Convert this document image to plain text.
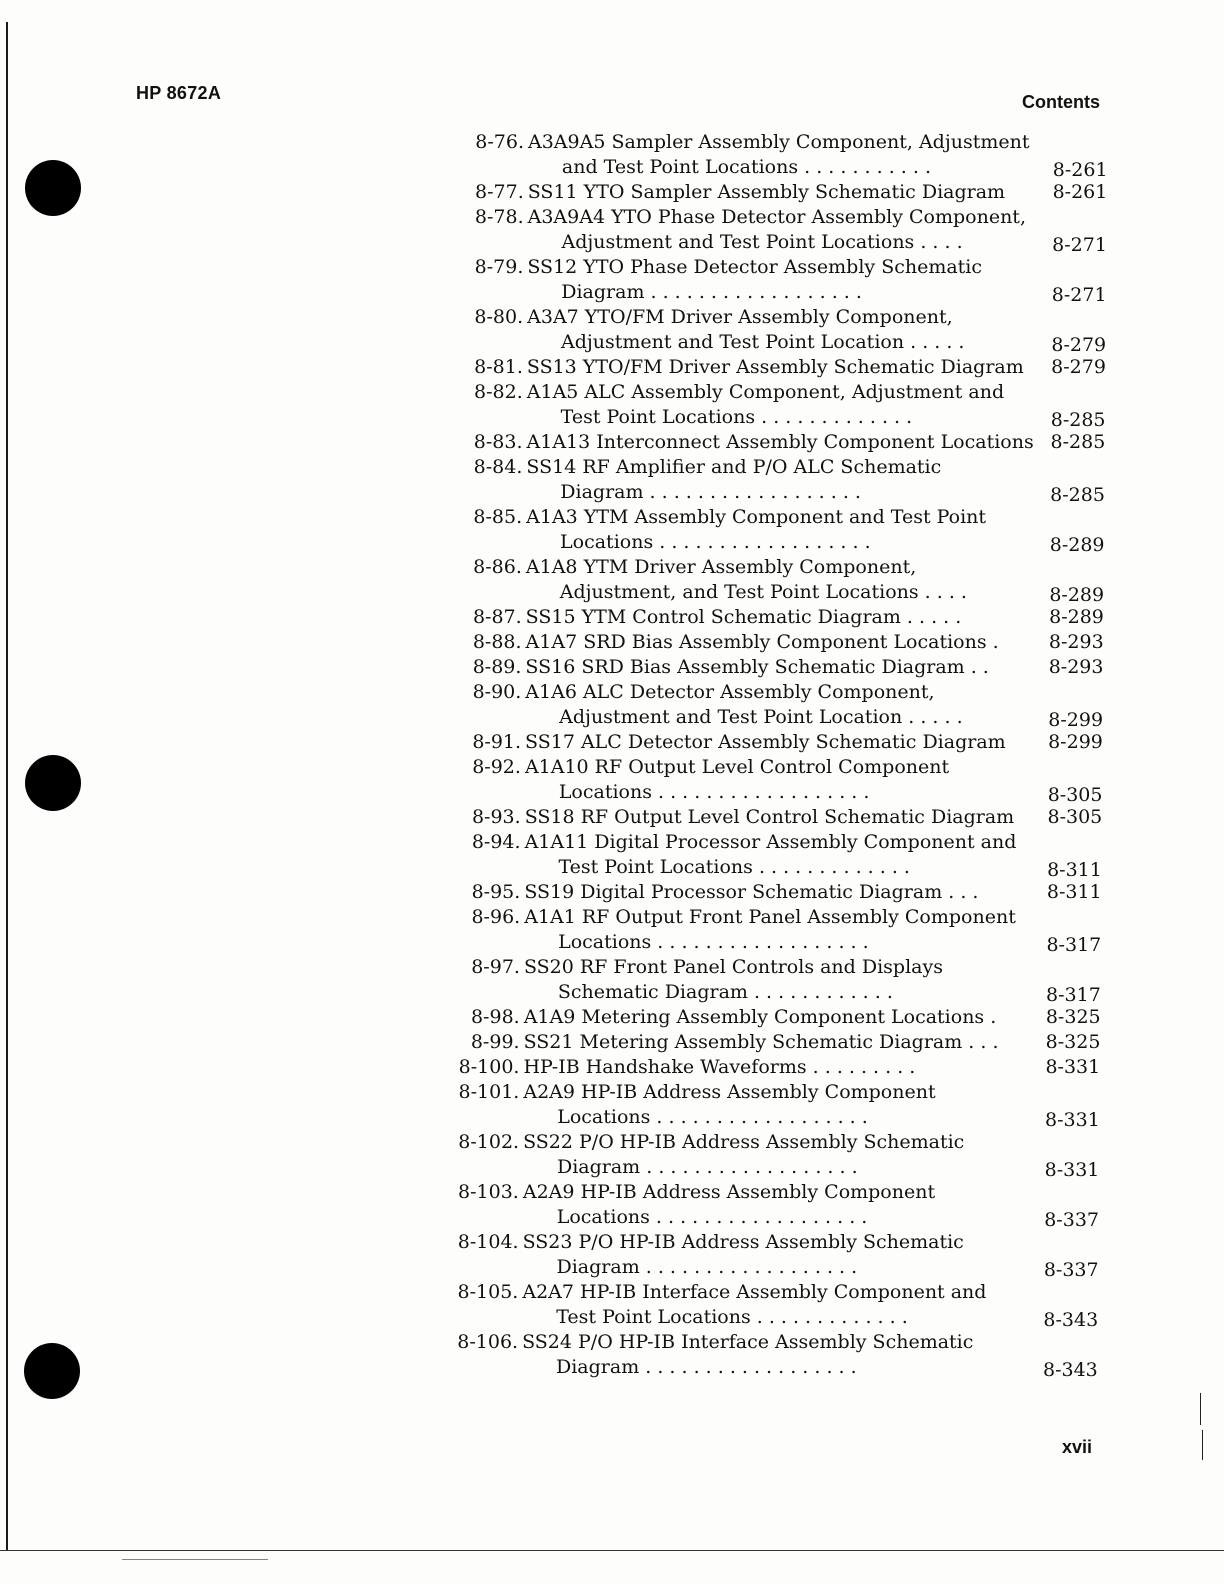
HP 8672A	Contents
8-76. A3A9A5 Sampler Assembly Component, Adjustment
and Test Point Locations . . . . . . . . . . .	8-261
8-77. SS11 YTO Sampler Assembly Schematic Diagram	8-261
8-78. A3A9A4 YTO Phase Detector Assembly Component,
Adjustment and Test Point Locations . . . .	8-271
8-79. SS12 YTO Phase Detector Assembly Schematic
Diagram . . . . . . . . . . . . . . . . . .	8-271
8-80. A3A7 YTO/FM Driver Assembly Component,
Adjustment and Test Point Location . . . . .	8-279
8-81. SS13 YTO/FM Driver Assembly Schematic Diagram 8-279
8-82. A1A5 ALC Assembly Component, Adjustment and
Test Point Locations . . . . . . . . . . . . .	8-285
8-83. A1A13 Interconnect Assembly Component Locations 8-285
8-84. SS14 RF Amplifier and P/O ALC Schematic
Diagram . . . . . . . . . . . . . . . . . .	8-285
8-85. A1A3 YTM Assembly Component and Test Point
Locations . . . . . . . . . . . . . . . . . .	8-289
8-86. A1A8 YTM Driver Assembly Component,
Adjustment, and Test Point Locations . . . .	8-289
8-87. SS15 YTM Control Schematic Diagram . . . . .	8-289
8-88. A1A7 SRD Bias Assembly Component Locations .	8-293
8-89. SS16 SRD Bias Assembly Schematic Diagram . .	8-293
8-90. A1A6 ALC Detector Assembly Component,
Adjustment and Test Point Location . . . . .	8-299
8-91. SS17 ALC Detector Assembly Schematic Diagram 8-299
8-92. A1A10 RF Output Level Control Component
Locations . . . . . . . . . . . . . . . . . .	8-305
8-93. SS18 RF Output Level Control Schematic Diagram 8-305
8-94. A1A11 Digital Processor Assembly Component and
Test Point Locations . . . . . . . . . . . . .	8-311
8-95. SS19 Digital Processor Schematic Diagram . . .	8-311
8-96. A1A1 RF Output Front Panel Assembly Component
Locations . . . . . . . . . . . . . . . . . .	8-317
8-97. SS20 RF Front Panel Controls and Displays
Schematic Diagram . . . . . . . . . . . .	8-317
8-98. A1A9 Metering Assembly Component Locations .	8-325
8-99. SS21 Metering Assembly Schematic Diagram . . . 8-325
8-100. HP-IB Handshake Waveforms . . . . . . . . .	8-331
8-101. A2A9 HP-IB Address Assembly Component
Locations . . . . . . . . . . . . . . . . . .	8-331
8-102. SS22 P/O HP-IB Address Assembly Schematic
Diagram . . . . . . . . . . . . . . . . . .	8-331
8-103. A2A9 HP-IB Address Assembly Component
Locations . . . . . . . . . . . . . . . . . .	8-337
8-104. SS23 P/O HP-IB Address Assembly Schematic
Diagram . . . . . . . . . . . . . . . . . .	8-337
8-105. A2A7 HP-IB Interface Assembly Component and
Test Point Locations . . . . . . . . . . . . .	8-343
8-106. SS24 P/O HP-IB Interface Assembly Schematic
Diagram . . . . . . . . . . . . . . . . . .	8-343
xvii
